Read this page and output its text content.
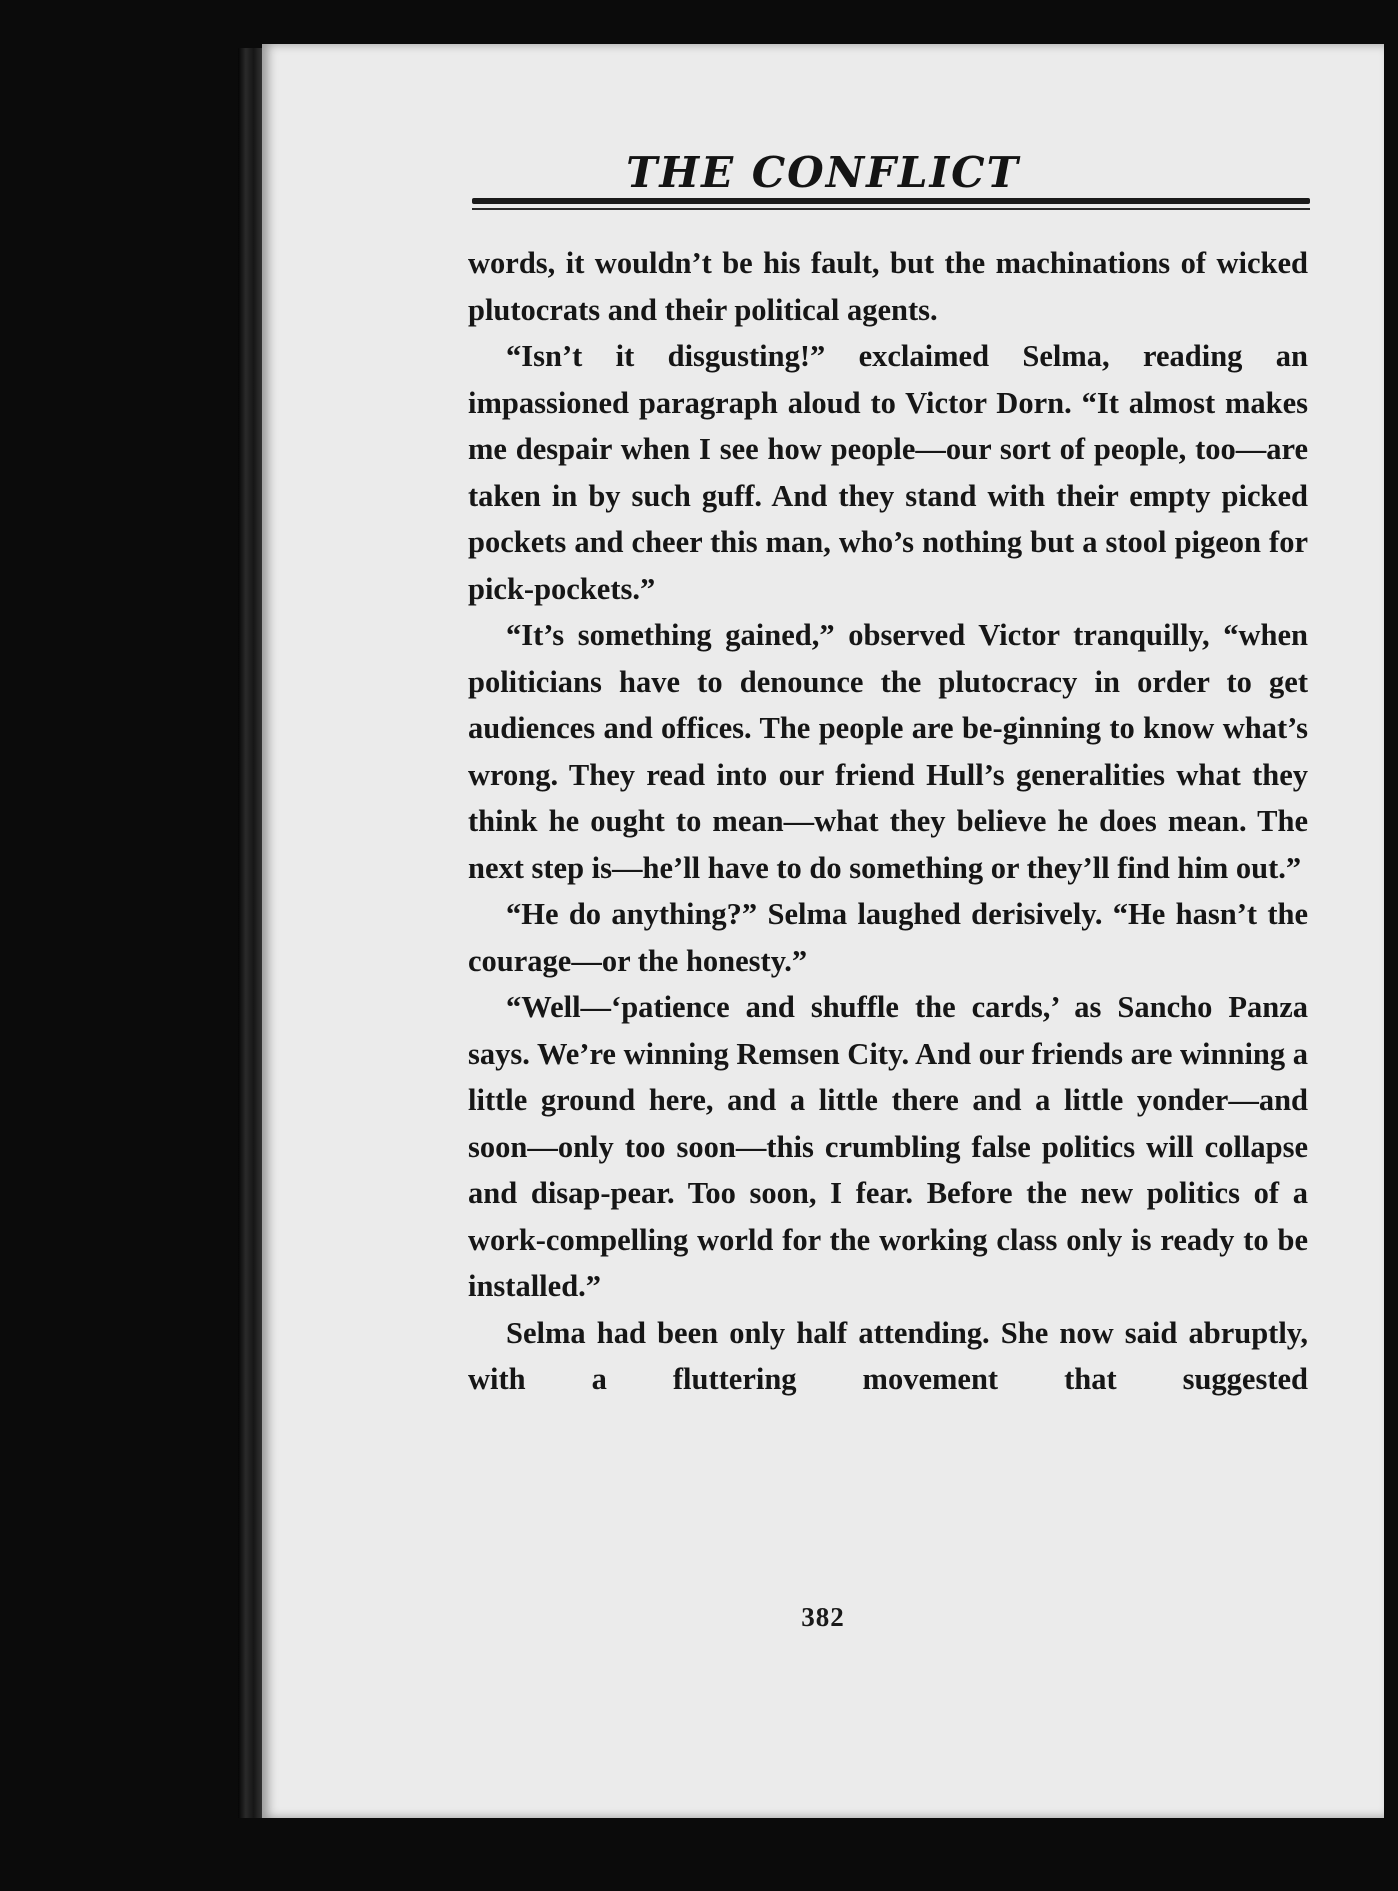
THE CONFLICT

words, it wouldn’t be his fault, but the machinations of wicked plutocrats and their political agents.

“Isn’t it disgusting!” exclaimed Selma, reading an impassioned paragraph aloud to Victor Dorn. “It almost makes me despair when I see how people—our sort of people, too—are taken in by such guff. And they stand with their empty picked pockets and cheer this man, who’s nothing but a stool pigeon for pick-pockets.”

“It’s something gained,” observed Victor tranquilly, “when politicians have to denounce the plutocracy in order to get audiences and offices. The people are be-ginning to know what’s wrong. They read into our friend Hull’s generalities what they think he ought to mean—what they believe he does mean. The next step is—he’ll have to do something or they’ll find him out.”

“He do anything?” Selma laughed derisively. “He hasn’t the courage—or the honesty.”

“Well—‘patience and shuffle the cards,’ as Sancho Panza says. We’re winning Remsen City. And our friends are winning a little ground here, and a little there and a little yonder—and soon—only too soon—this crumbling false politics will collapse and disap-pear. Too soon, I fear. Before the new politics of a work-compelling world for the working class only is ready to be installed.”

Selma had been only half attending. She now said abruptly, with a fluttering movement that suggested

382
